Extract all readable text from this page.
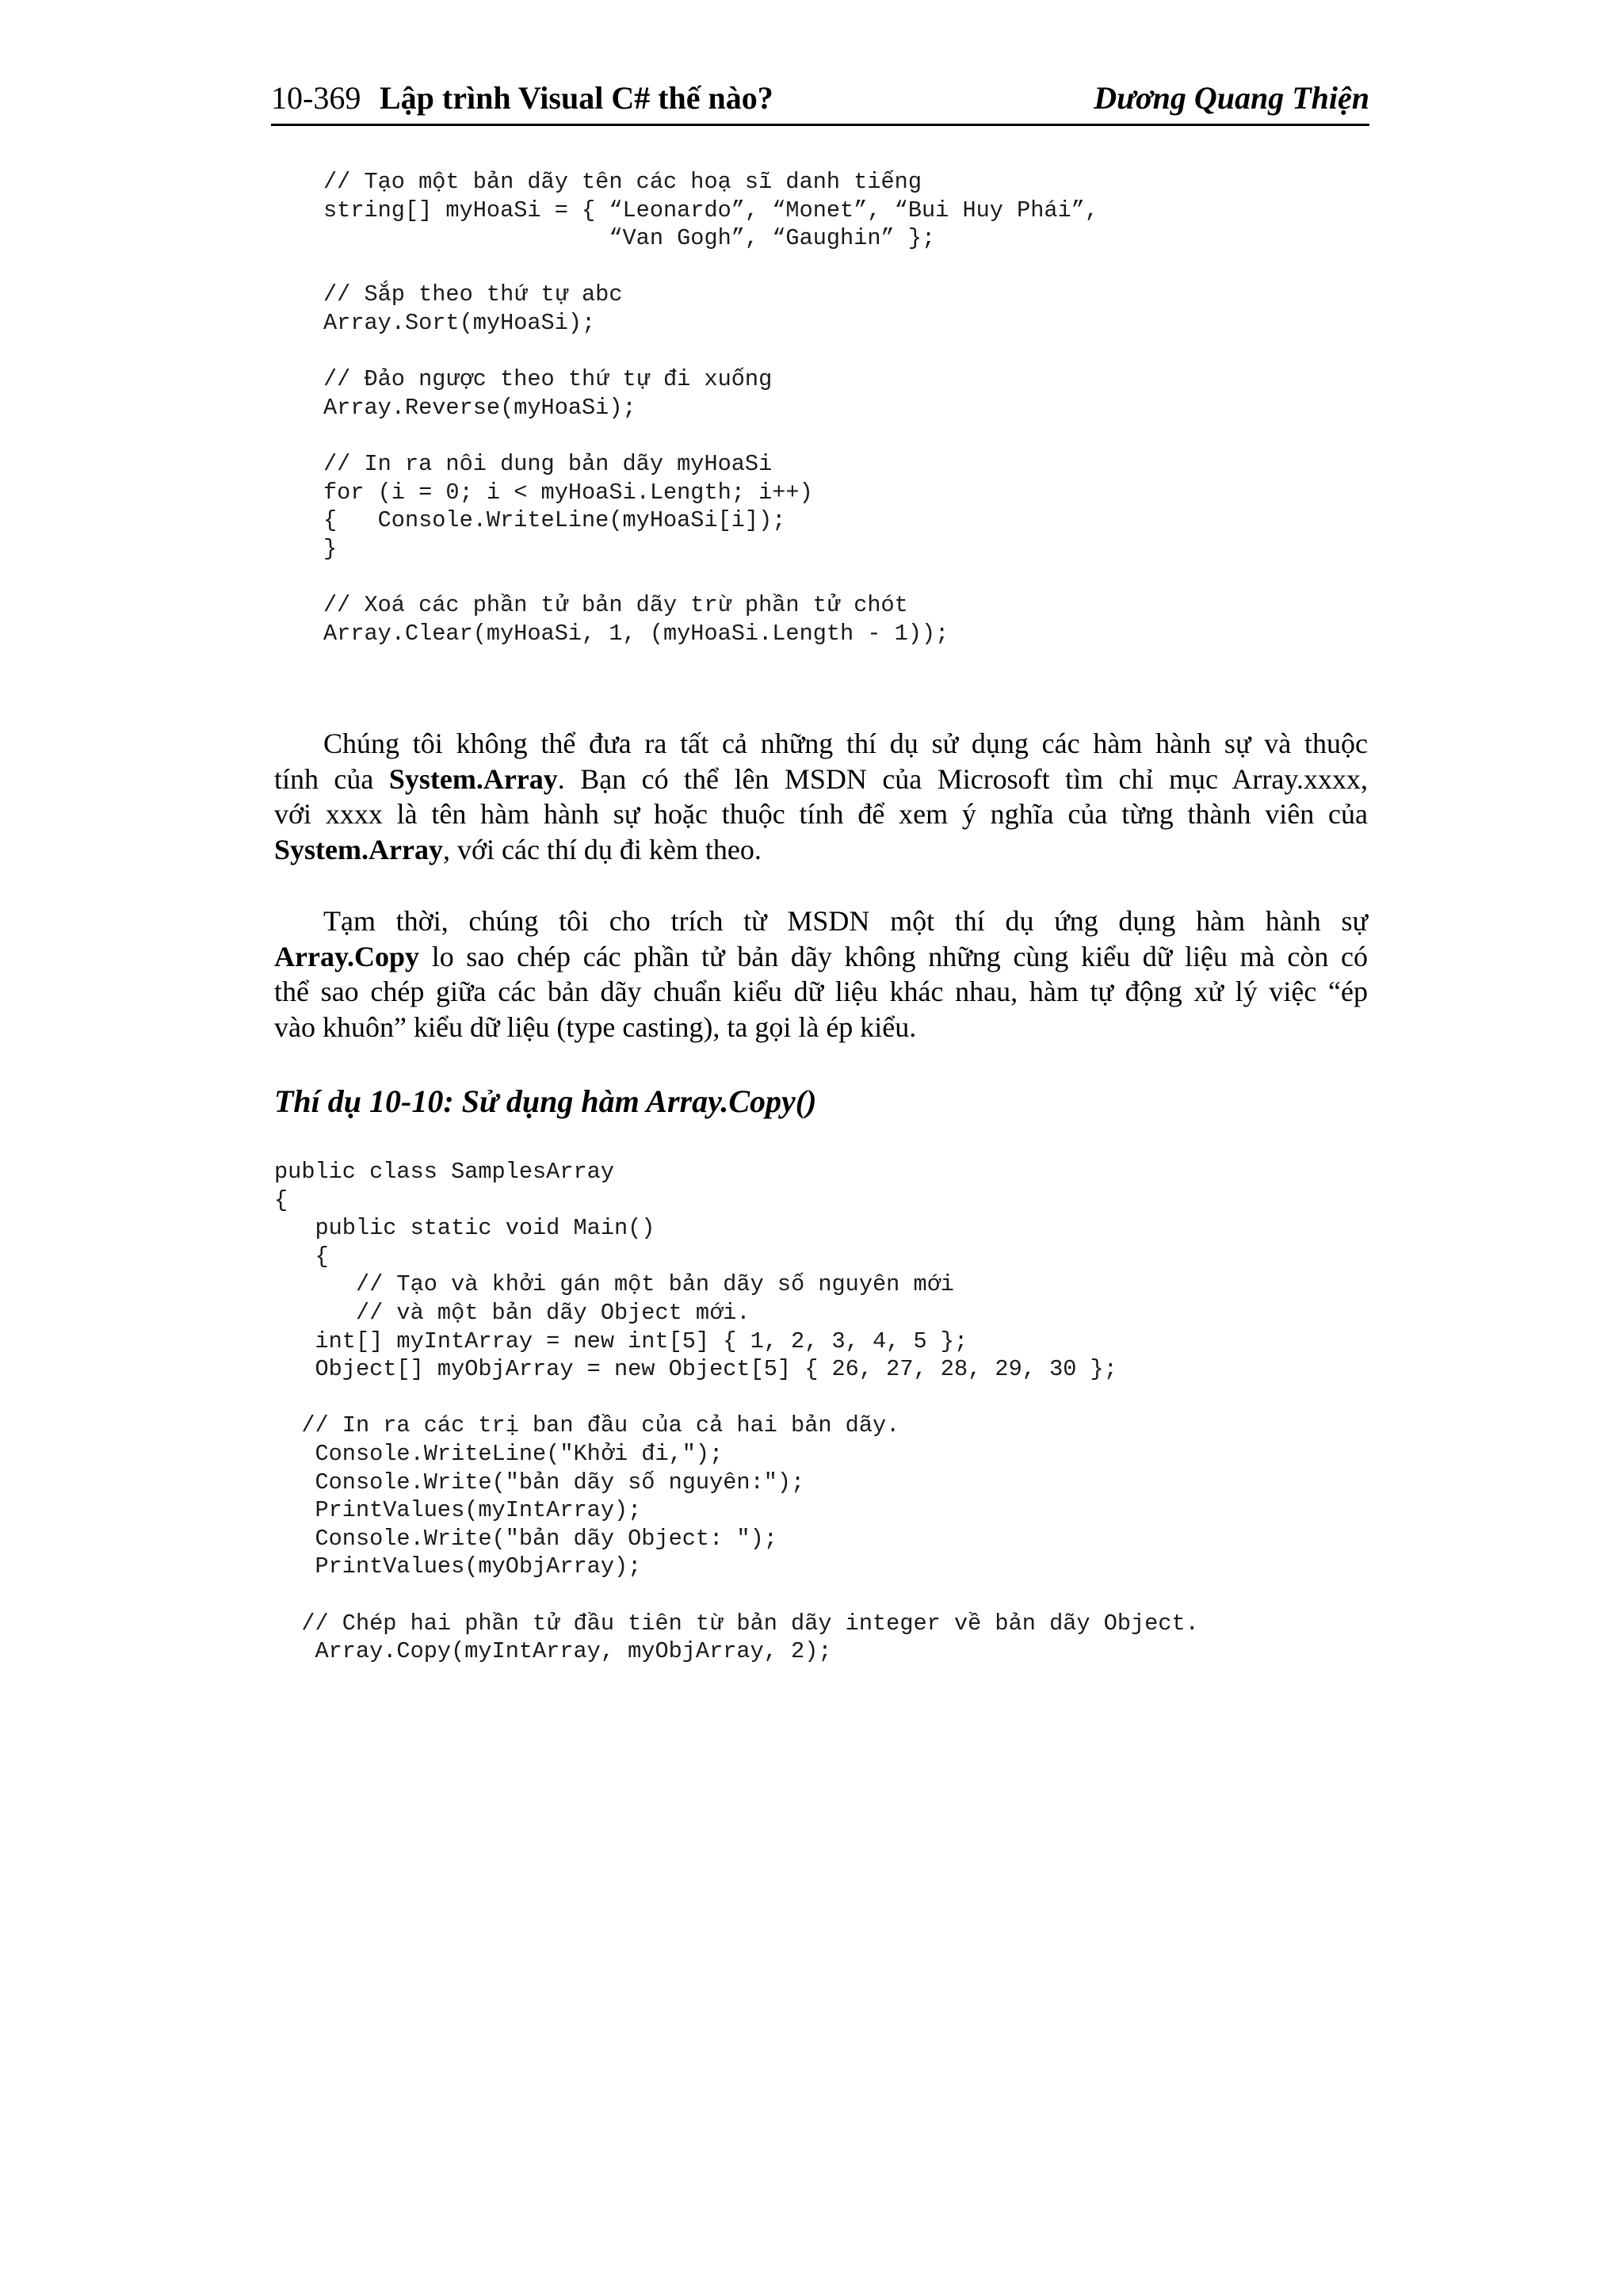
10-369 Lập trình Visual C# thế nào?	Dương Quang Thiện
// Tạo một bản dãy tên các hoạ sĩ danh tiếng
string[] myHoaSi = { “Leonardo”, “Monet”, “Bui Huy Phái”,
“Van Gogh”, “Gaughin” };

// Sắp theo thứ tự abc
Array.Sort(myHoaSi);

// Đảo ngược theo thứ tự đi xuống
Array.Reverse(myHoaSi);

// In ra nôi dung bản dãy myHoaSi
for (i = 0; i < myHoaSi.Length; i++)
{   Console.WriteLine(myHoaSi[i]);
}

// Xoá các phần tử bản dãy trừ phần tử chót
Array.Clear(myHoaSi, 1, (myHoaSi.Length - 1));

Chúng tôi không thể đưa ra tất cả những thí dụ sử dụng các hàm hành sự và thuộc
tính của System.Array. Bạn có thể lên MSDN của Microsoft tìm chỉ mục Array.xxxx,
với xxxx là tên hàm hành sự hoặc thuộc tính để xem ý nghĩa của từng thành viên của
System.Array, với các thí dụ đi kèm theo.

Tạm thời, chúng tôi cho trích từ MSDN một thí dụ ứng dụng hàm hành sự
Array.Copy lo sao chép các phần tử bản dãy không những cùng kiểu dữ liệu mà còn có
thể sao chép giữa các bản dãy chuẩn kiểu dữ liệu khác nhau, hàm tự động xử lý việc “ép
vào khuôn” kiểu dữ liệu (type casting), ta gọi là ép kiểu.

Thí dụ 10-10: Sử dụng hàm Array.Copy()
public class SamplesArray
{
public static void Main()
{
// Tạo và khởi gán một bản dãy số nguyên mới
// và một bản dãy Object mới.
int[] myIntArray = new int[5] { 1, 2, 3, 4, 5 };
Object[] myObjArray = new Object[5] { 26, 27, 28, 29, 30 };

// In ra các trị ban đầu của cả hai bản dãy.
Console.WriteLine("Khởi đi,");
Console.Write("bản dãy số nguyên:");
PrintValues(myIntArray);
Console.Write("bản dãy Object: ");
PrintValues(myObjArray);

// Chép hai phần tử đầu tiên từ bản dãy integer về bản dãy Object.
Array.Copy(myIntArray, myObjArray, 2);
